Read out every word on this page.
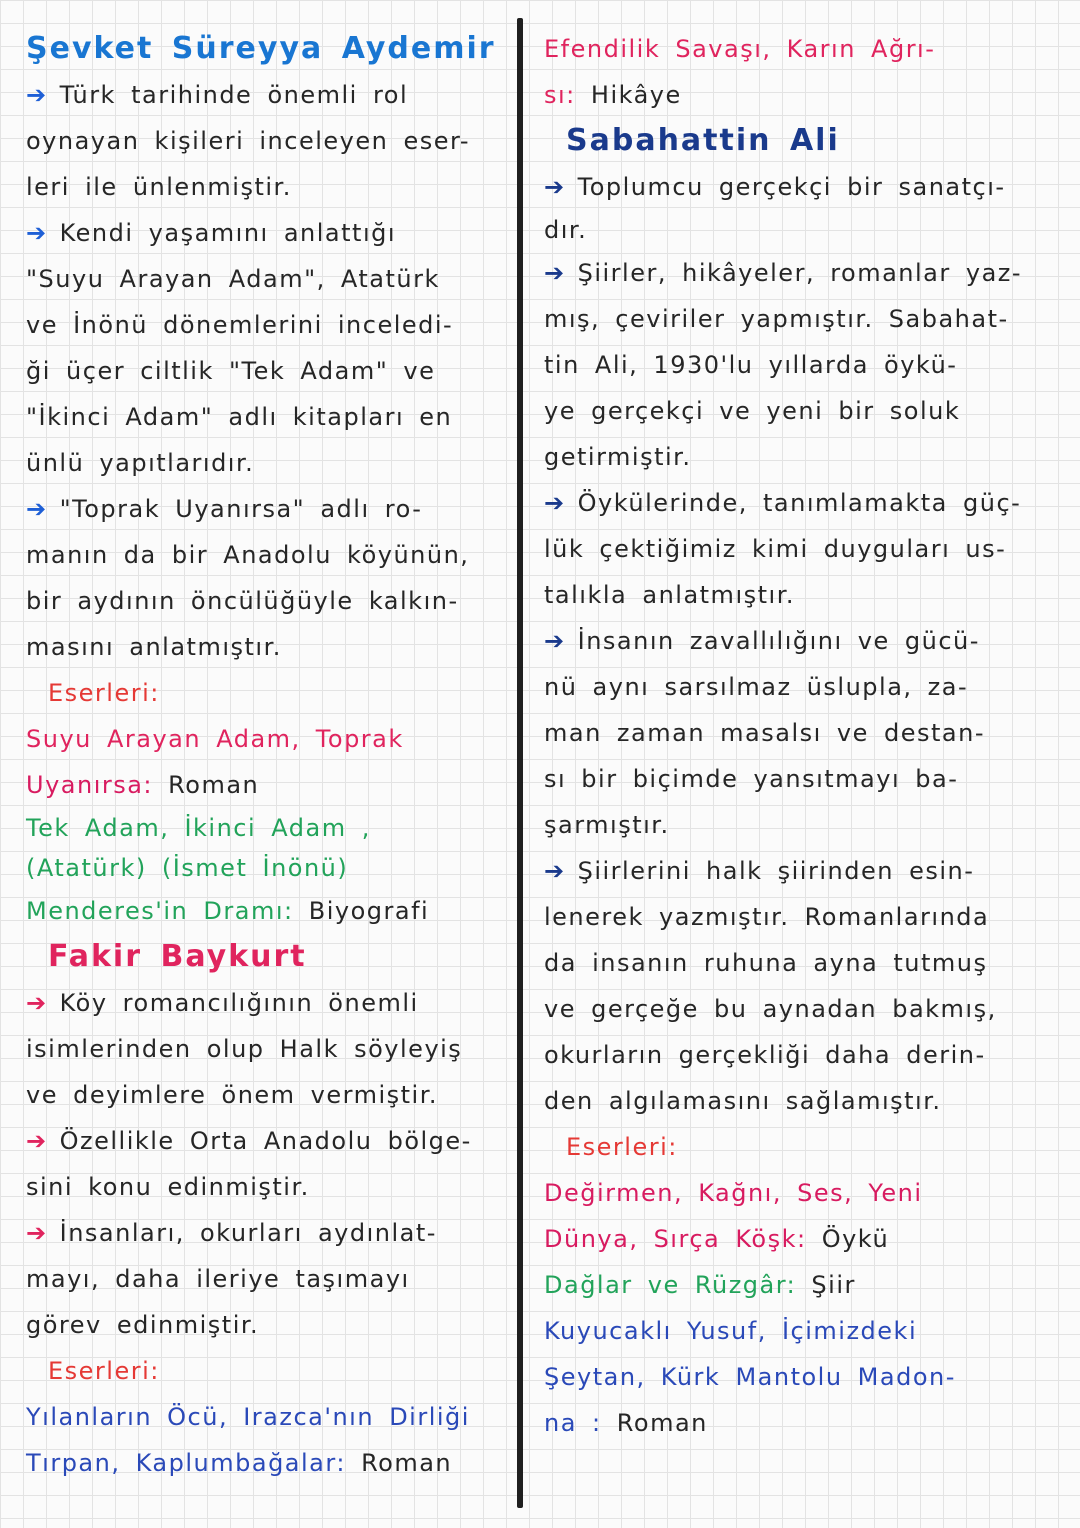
Şevket Süreyya Aydemir
➔ Türk tarihinde önemli rol
oynayan kişileri inceleyen eser-
leri ile ünlenmiştir.
➔ Kendi yaşamını anlattığı
"Suyu Arayan Adam", Atatürk
ve İnönü dönemlerini inceledi-
ği üçer ciltlik "Tek Adam" ve
"İkinci Adam" adlı kitapları en
ünlü yapıtlarıdır.
➔ "Toprak Uyanırsa" adlı ro-
manın da bir Anadolu köyünün,
bir aydının öncülüğüyle kalkın-
masını anlatmıştır.
Eserleri:
Suyu Arayan Adam, Toprak
Uyanırsa: Roman
Tek Adam, İkinci Adam ,
(Atatürk) (İsmet İnönü)
Menderes'in Dramı: Biyografi
Fakir Baykurt
➔ Köy romancılığının önemli
isimlerinden olup Halk söyleyiş
ve deyimlere önem vermiştir.
➔ Özellikle Orta Anadolu bölge-
sini konu edinmiştir.
➔ İnsanları, okurları aydınlat-
mayı, daha ileriye taşımayı
görev edinmiştir.
Eserleri:
Yılanların Öcü, Irazca'nın Dirliği
Tırpan, Kaplumbağalar: Roman
Efendilik Savaşı, Karın Ağrı-
sı: Hikâye
Sabahattin Ali
➔ Toplumcu gerçekçi bir sanatçı-
dır.
➔ Şiirler, hikâyeler, romanlar yaz-
mış, çeviriler yapmıştır. Sabahat-
tin Ali, 1930'lu yıllarda öykü-
ye gerçekçi ve yeni bir soluk
getirmiştir.
➔ Öykülerinde, tanımlamakta güç-
lük çektiğimiz kimi duyguları us-
talıkla anlatmıştır.
➔ İnsanın zavallılığını ve gücü-
nü aynı sarsılmaz üslupla, za-
man zaman masalsı ve destan-
sı bir biçimde yansıtmayı ba-
şarmıştır.
➔ Şiirlerini halk şiirinden esin-
lenerek yazmıştır. Romanlarında
da insanın ruhuna ayna tutmuş
ve gerçeğe bu aynadan bakmış,
okurların gerçekliği daha derin-
den algılamasını sağlamıştır.
Eserleri:
Değirmen, Kağnı, Ses, Yeni
Dünya, Sırça Köşk: Öykü
Dağlar ve Rüzgâr: Şiir
Kuyucaklı Yusuf, İçimizdeki
Şeytan, Kürk Mantolu Madon-
na : Roman
